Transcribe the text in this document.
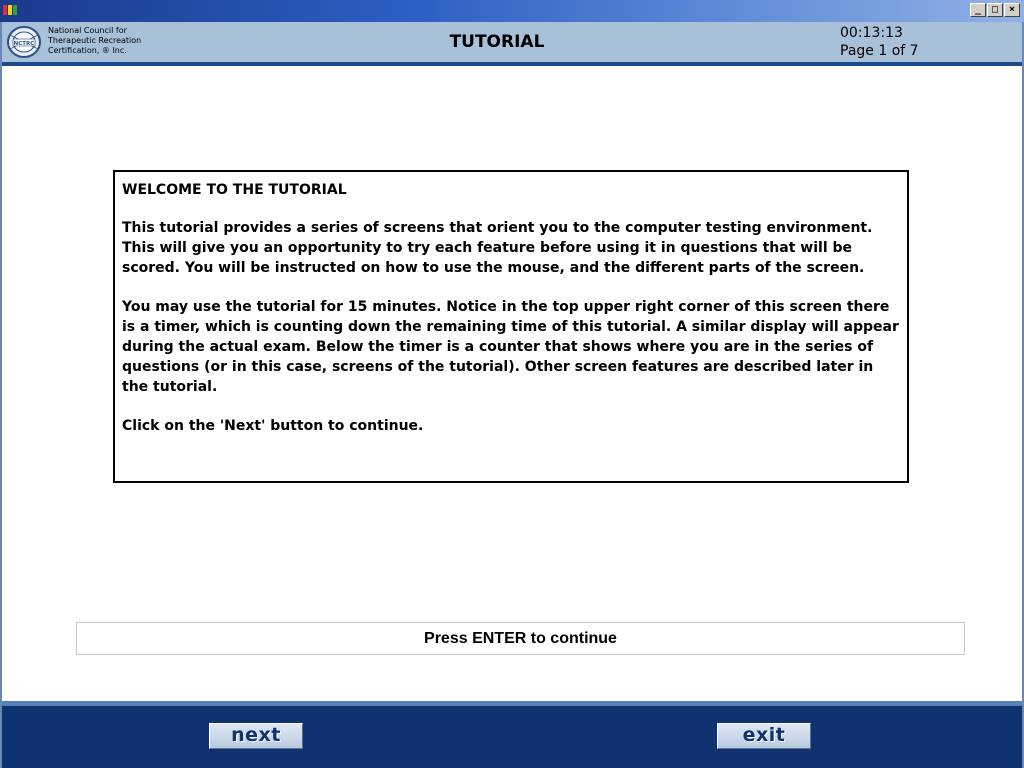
_	□	×
NCTRC
National Council for
Therapeutic Recreation
Certification, ® Inc.	TUTORIAL	00:13:13
Page 1 of 7

WELCOME TO THE TUTORIAL

This tutorial provides a series of screens that orient you to the computer testing environment. This will give you an opportunity to try each feature before using it in questions that will be scored. You will be instructed on how to use the mouse, and the different parts of the screen.

You may use the tutorial for 15 minutes. Notice in the top upper right corner of this screen there is a timer, which is counting down the remaining time of this tutorial. A similar display will appear during the actual exam. Below the timer is a counter that shows where you are in the series of questions (or in this case, screens of the tutorial). Other screen features are described later in the tutorial.

Click on the 'Next' button to continue.

Press ENTER to continue
next	exit
